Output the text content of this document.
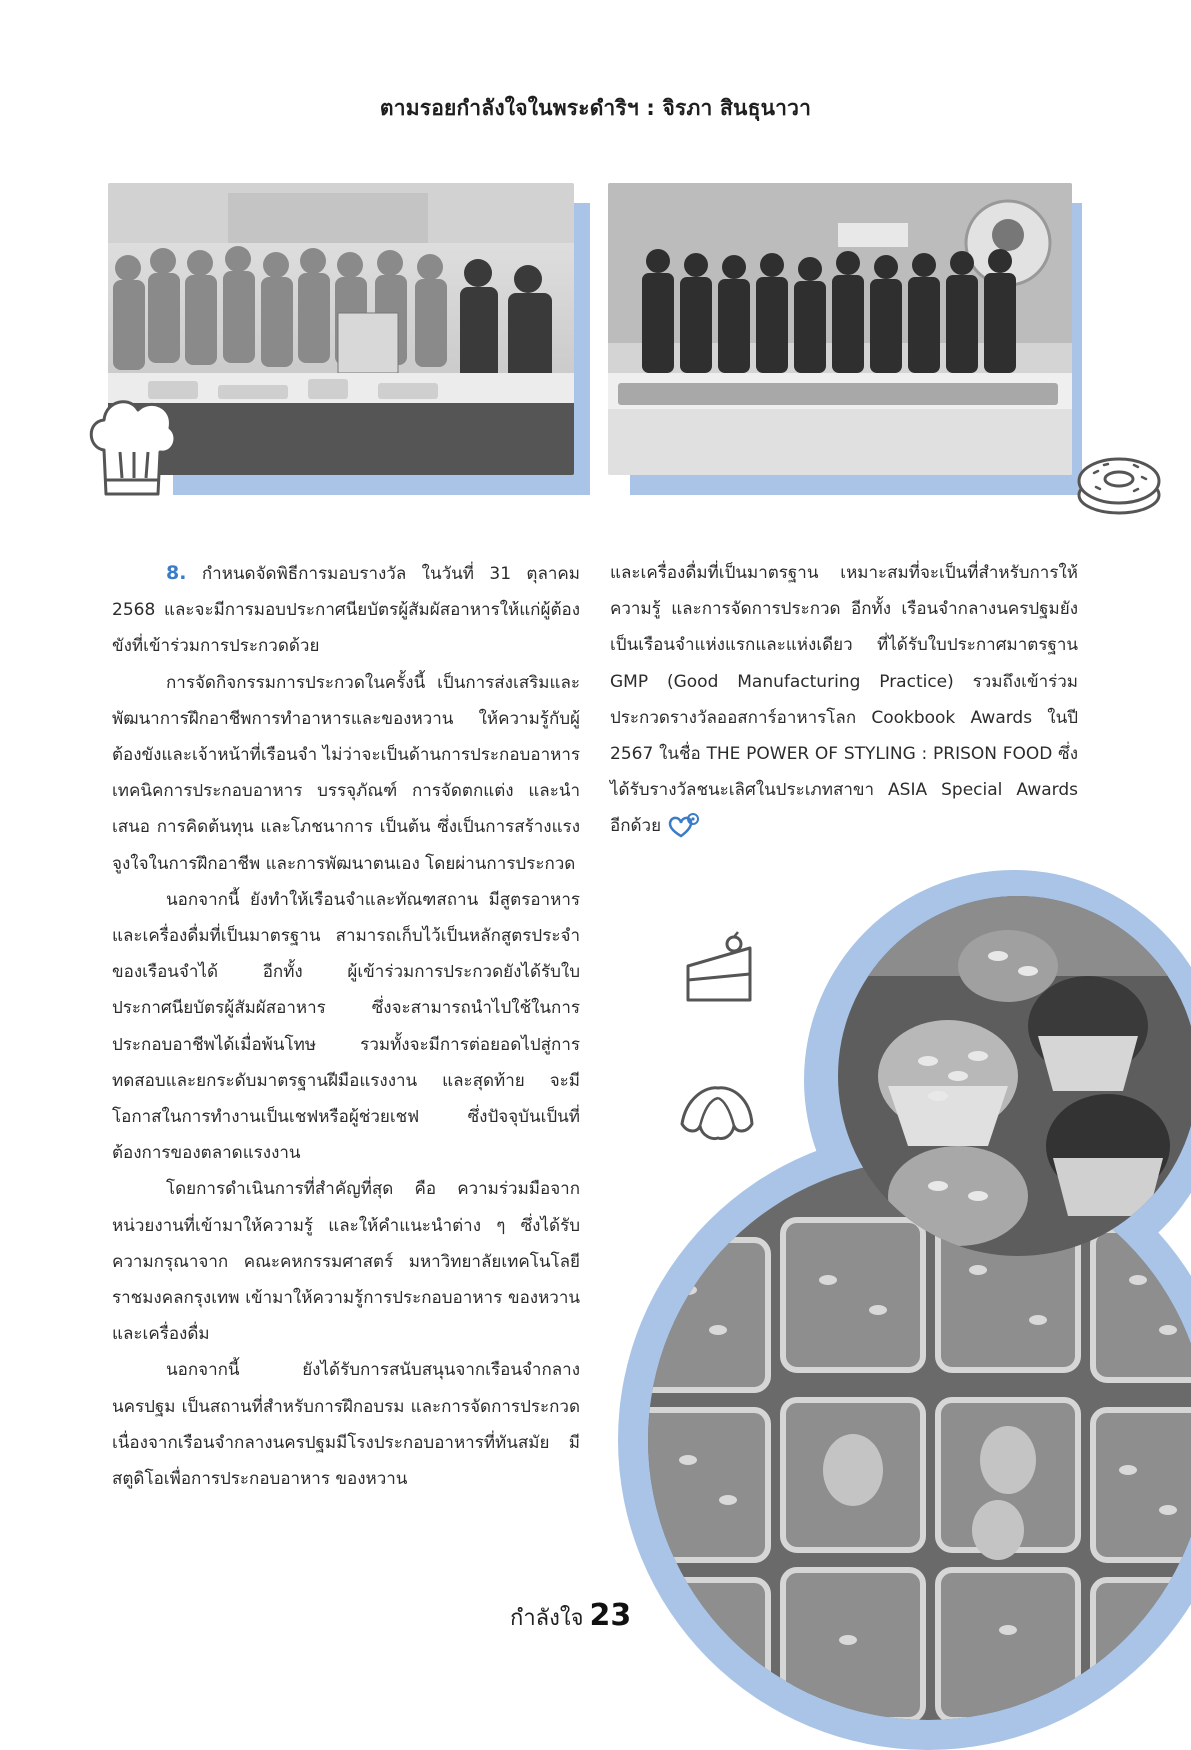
ตามรอยกำลังใจในพระดำริฯ : จิรภา สินธุนาวา

8. กำหนดจัดพิธีการมอบรางวัล ในวันที่ 31 ตุลาคม 2568 และจะมีการมอบประกาศนียบัตรผู้สัมผัสอาหารให้แก่ผู้ต้องขังที่เข้าร่วมการประกวดด้วย

การจัดกิจกรรมการประกวดในครั้งนี้ เป็นการส่งเสริมและพัฒนาการฝึกอาชีพการทำอาหารและของหวาน ให้ความรู้กับผู้ต้องขังและเจ้าหน้าที่เรือนจำ ไม่ว่าจะเป็นด้านการประกอบอาหาร เทคนิคการประกอบอาหาร บรรจุภัณฑ์ การจัดตกแต่ง และนำเสนอ การคิดต้นทุน และโภชนาการ เป็นต้น ซึ่งเป็นการสร้างแรงจูงใจในการฝึกอาชีพ และการพัฒนาตนเอง โดยผ่านการประกวด

นอกจากนี้ ยังทำให้เรือนจำและทัณฑสถาน มีสูตรอาหาร และเครื่องดื่มที่เป็นมาตรฐาน สามารถเก็บไว้เป็นหลักสูตรประจำของเรือนจำได้ อีกทั้ง ผู้เข้าร่วมการประกวดยังได้รับใบประกาศนียบัตรผู้สัมผัสอาหาร ซึ่งจะสามารถนำไปใช้ในการประกอบอาชีพได้เมื่อพ้นโทษ รวมทั้งจะมีการต่อยอดไปสู่การทดสอบและยกระดับมาตรฐานฝีมือแรงงาน และสุดท้าย จะมีโอกาสในการทำงานเป็นเชฟหรือผู้ช่วยเชฟ ซึ่งปัจจุบันเป็นที่ต้องการของตลาดแรงงาน

โดยการดำเนินการที่สำคัญที่สุด คือ ความร่วมมือจากหน่วยงานที่เข้ามาให้ความรู้ และให้คำแนะนำต่าง ๆ ซึ่งได้รับความกรุณาจาก คณะคหกรรมศาสตร์ มหาวิทยาลัยเทคโนโลยีราชมงคลกรุงเทพ เข้ามาให้ความรู้การประกอบอาหาร ของหวาน และเครื่องดื่ม

นอกจากนี้ ยังได้รับการสนับสนุนจากเรือนจำกลางนครปฐม เป็นสถานที่สำหรับการฝึกอบรม และการจัดการประกวด เนื่องจากเรือนจำกลางนครปฐมมีโรงประกอบอาหารที่ทันสมัย มีสตูดิโอเพื่อการประกอบอาหาร ของหวาน

และเครื่องดื่มที่เป็นมาตรฐาน เหมาะสมที่จะเป็นที่สำหรับการให้ความรู้ และการจัดการประกวด อีกทั้ง เรือนจำกลางนครปฐมยังเป็นเรือนจำแห่งแรกและแห่งเดียว ที่ได้รับใบประกาศมาตรฐาน GMP (Good Manufacturing Practice) รวมถึงเข้าร่วมประกวดรางวัลออสการ์อาหารโลก Cookbook Awards ในปี 2567 ในชื่อ THE POWER OF STYLING : PRISON FOOD ซึ่งได้รับรางวัลชนะเลิศในประเภทสาขา ASIA Special Awards อีกด้วย

กำลังใจ 23
